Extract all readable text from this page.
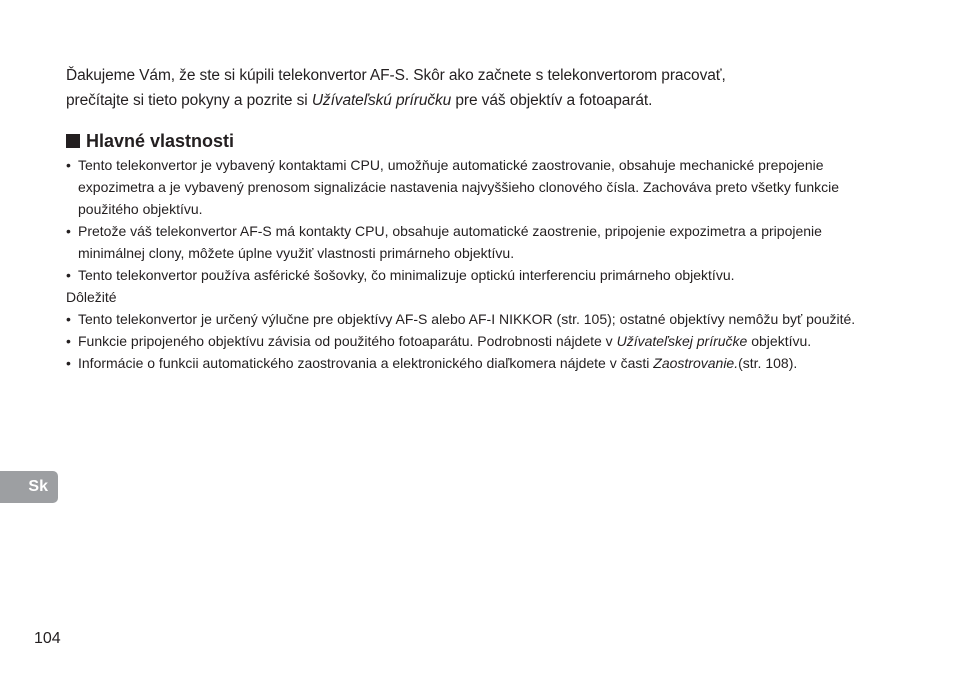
Ďakujeme Vám, že ste si kúpili telekonvertor AF-S. Skôr ako začnete s telekonvertorom pracovať,
prečítajte si tieto pokyny a pozrite si Užívateľskú príručku pre váš objektív a fotoaparát.

Hlavné vlastnosti
• Tento telekonvertor je vybavený kontaktami CPU, umožňuje automatické zaostrovanie, obsahuje mechanické prepojenie expozimetra a je vybavený prenosom signalizácie nastavenia najvyššieho clonového čísla. Zachováva preto všetky funkcie použitého objektívu.
• Pretože váš telekonvertor AF-S má kontakty CPU, obsahuje automatické zaostrenie, pripojenie expozimetra a pripojenie minimálnej clony, môžete úplne využiť vlastnosti primárneho objektívu.
• Tento telekonvertor používa asférické šošovky, čo minimalizuje optickú interferenciu primárneho objektívu.
Dôležité
• Tento telekonvertor je určený výlučne pre objektívy AF-S alebo AF-I NIKKOR (str. 105); ostatné objektívy nemôžu byť použité.
• Funkcie pripojeného objektívu závisia od použitého fotoaparátu. Podrobnosti nájdete v Užívateľskej príručke objektívu.
• Informácie o funkcii automatického zaostrovania a elektronického diaľkomera nájdete v časti Zaostrovanie.(str. 108).
Sk
104
